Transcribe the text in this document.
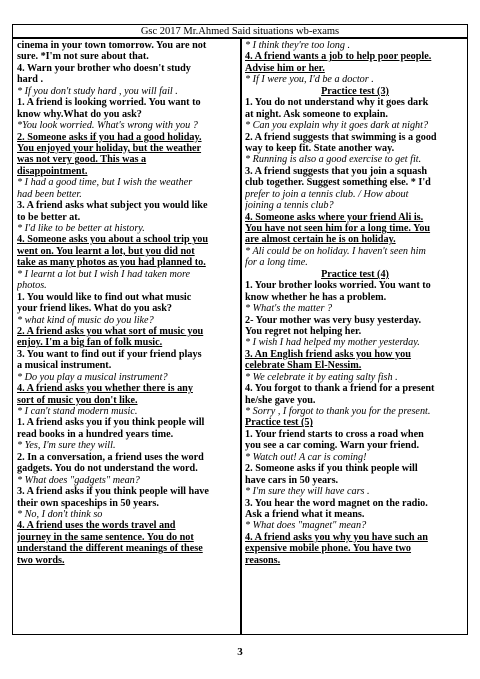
Gsc 2017 Mr.Ahmed Said situations wb-exams
cinema in your town tomorrow. You are not
sure. *I'm not sure about that.
4. Warn your brother who doesn't study
hard .
* If you don't study hard , you will fail .
1. A friend is looking worried. You want to
know why.What do you ask?
*You look worried. What's wrong with you ?
2. Someone asks if you had a good holiday.
You enjoyed your holiday, but the weather
was not very good. This was a
disappointment.
* I had a good time, but I wish the weather
had been better.
3. A friend asks what subject you would like
to be better at.
* I'd like to be better at history.
4. Someone asks you about a school trip you
went on. You learnt a lot, but you did not
take as many photos as you had planned to.
* I learnt a lot but I wish I had taken more
photos.
1. You would like to find out what music
your friend likes. What do you ask?
* what kind of music do you like?
2. A friend asks you what sort of music you
enjoy. I'm a big fan of folk music.
3. You want to find out if your friend plays
a musical instrument.
* Do you play a musical instrument?
4. A friend asks you whether there is any
sort of music you don't like.
* I can't stand modern music.
1. A friend asks you if you think people will
read books in a hundred years time.
* Yes, I'm sure they will.
2. In a conversation, a friend uses the word
gadgets. You do not understand the word.
* What does "gadgets" mean?
3. A friend asks if you think people will have
their own spaceships in 50 years.
* No, I don't think so
4. A friend uses the words travel and
journey in the same sentence. You do not
understand the different meanings of these
two words.
* I think they're too long .
4. A friend wants a job to help poor people.
Advise him or her.
* If I were you, I'd be a doctor .
Practice test (3)
1. You do not understand why it goes dark
at night. Ask someone to explain.
* Can you explain why it goes dark at night?
2. A friend suggests that swimming is a good
way to keep fit. State another way.
* Running is also a good exercise to get fit.
3. A friend suggests that you join a squash
club together. Suggest something else. * I'd
prefer to join a tennis club. / How about
joining a tennis club?
4. Someone asks where your friend Ali is.
You have not seen him for a long time. You
are almost certain he is on holiday.
* Ali could be on holiday. I haven't seen him
for a long time.
Practice test (4)
1. Your brother looks worried. You want to
know whether he has a problem.
* What's the matter ?
2- Your mother was very busy yesterday.
You regret not helping her.
* I wish I had helped my mother yesterday.
3. An English friend asks you how you
celebrate Sham El-Nessim.
* We celebrate it by eating salty fish .
4. You forgot to thank a friend for a present
he/she gave you.
* Sorry , I forgot to thank you for the present.
Practice test (5)
1. Your friend starts to cross a road when
you see a car coming. Warn your friend.
* Watch out! A car is coming!
2. Someone asks if you think people will
have cars in 50 years.
* I'm sure they will have cars .
3. You hear the word magnet on the radio.
Ask a friend what it means.
* What does "magnet" mean?
4. A friend asks you why you have such an
expensive mobile phone. You have two
reasons.
3
